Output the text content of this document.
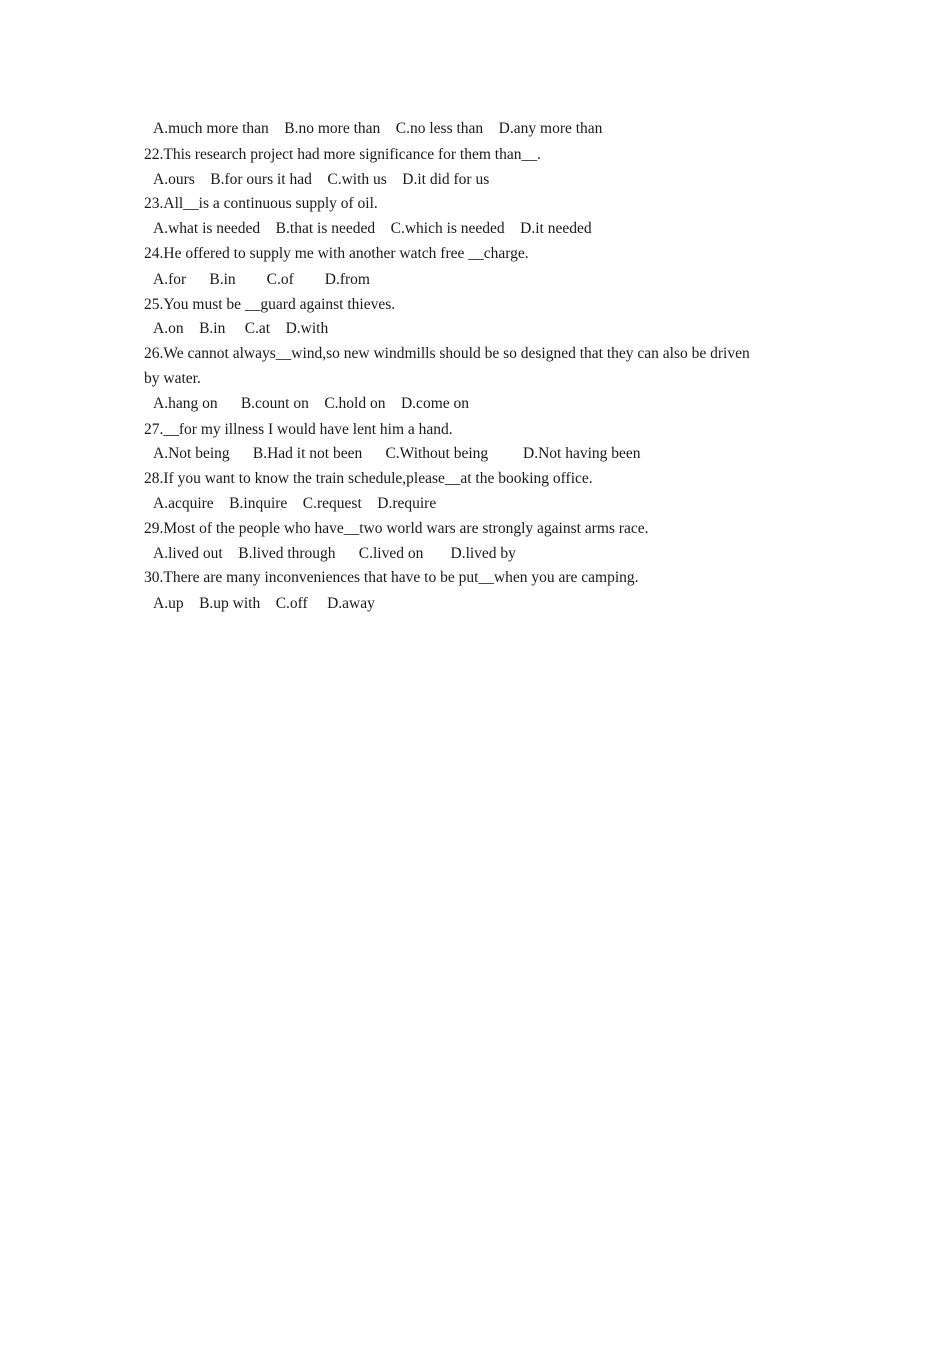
A.much more than    B.no more than    C.no less than    D.any more than
22.This research project had more significance for them than__.
A.ours    B.for ours it had    C.with us    D.it did for us
23.All__is a continuous supply of oil.
A.what is needed    B.that is needed    C.which is needed    D.it needed
24.He offered to supply me with another watch free __charge.
A.for      B.in        C.of        D.from
25.You must be __guard against thieves.
A.on    B.in     C.at    D.with
26.We cannot always__wind,so new windmills should be so designed that they can also be driven
by water.
A.hang on      B.count on    C.hold on    D.come on
27.__for my illness I would have lent him a hand.
A.Not being      B.Had it not been      C.Without being         D.Not having been
28.If you want to know the train schedule,please__at the booking office.
A.acquire    B.inquire    C.request    D.require
29.Most of the people who have__two world wars are strongly against arms race.
A.lived out    B.lived through      C.lived on       D.lived by
30.There are many inconveniences that have to be put__when you are camping.
A.up    B.up with    C.off     D.away
